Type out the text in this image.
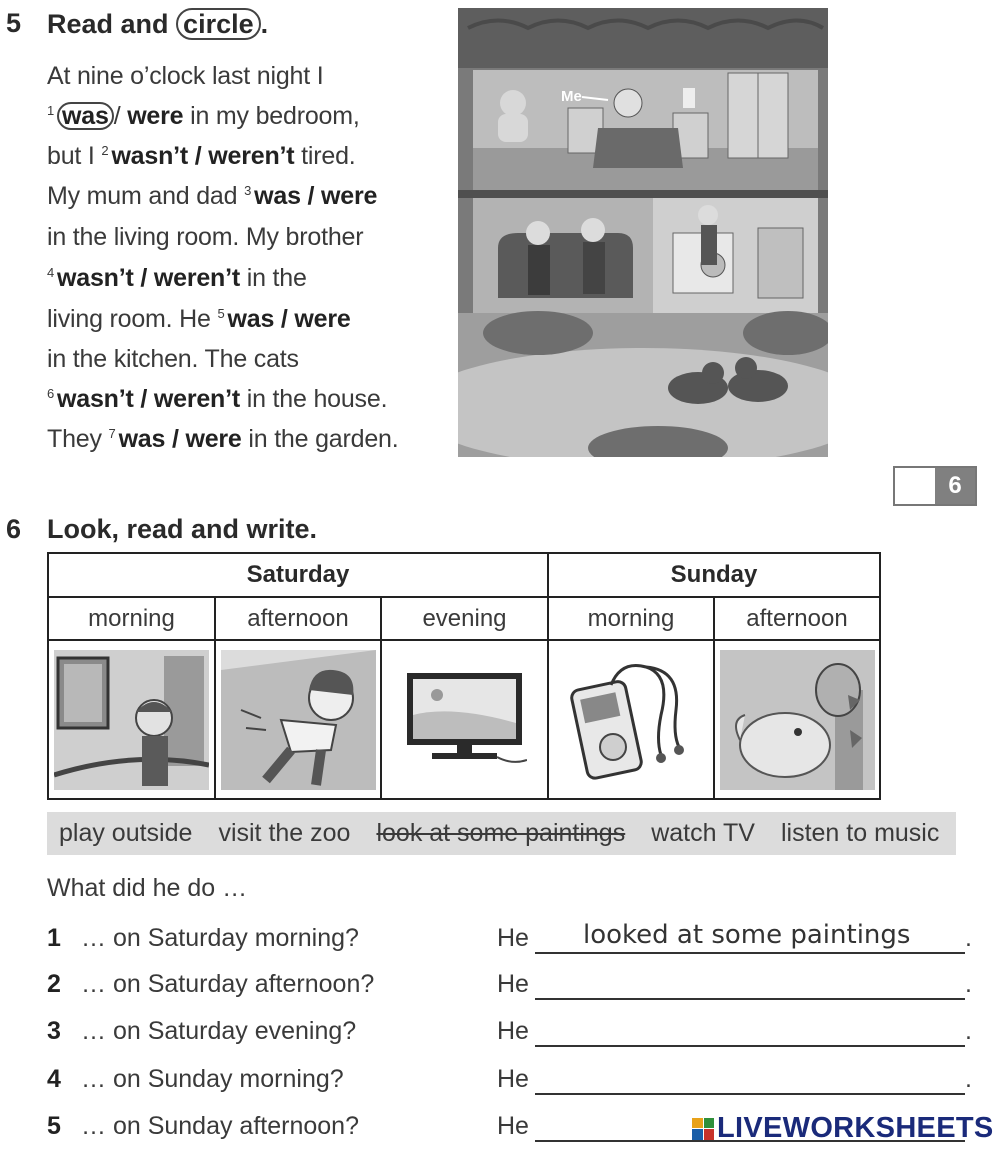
5 Read and circle .
At nine o’clock last night I
$^1$ was / were in my bedroom,
but I $^2$ wasn’t / weren’t tired.
My mum and dad $^3$ was / were
in the living room. My brother
$^4$ wasn’t / weren’t in the
living room. He $^5$ was / were
in the kitchen. The cats
$^6$ wasn’t / weren’t in the house.
They $^7$ was / were in the garden.
Me
6
6 Look, read and write.
Saturday			Sunday	
morning	afternoon	evening	morning	afternoon

play outside visit the zoo look at some paintings watch TV listen to music
What did he do …
1 … on Saturday morning?	He looked at some paintings .
2 … on Saturday afternoon?	He	.
3 … on Saturday evening?	He	.
4 … on Sunday morning?	He	.
5 … on Sunday afternoon?	He	LIVEWORKSHEETS
